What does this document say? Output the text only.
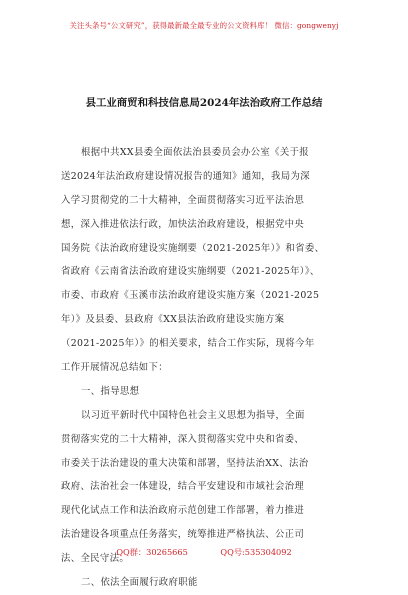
关注头条号“公文研究”，获得最新最全最专业的公文资料库！ 微信：gongwenyj
县工业商贸和科技信息局2024年法治政府工作总结
根据中共XX县委全面依法治县委员会办公室《关于报
送2024年法治政府建设情况报告的通知》通知，我局为深
入学习贯彻党的二十大精神，全面贯彻落实习近平法治思
想，深入推进依法行政，加快法治政府建设，根据党中央
国务院《法治政府建设实施纲要（2021-2025年）》和省委、
省政府《云南省法治政府建设实施纲要（2021-2025年）》、
市委、市政府《玉溪市法治政府建设实施方案（2021-2025
年）》及县委、县政府《XX县法治政府建设实施方案
（2021-2025年）》的相关要求，结合工作实际，现将今年
工作开展情况总结如下：
一、指导思想
以习近平新时代中国特色社会主义思想为指导，全面
贯彻落实党的二十大精神，深入贯彻落实党中央和省委、
市委关于法治建设的重大决策和部署，坚持法治XX、法治
政府、法治社会一体建设，结合平安建设和市域社会治理
现代化试点工作和法治政府示范创建工作部署，着力推进
法治建设各项重点任务落实，统筹推进严格执法、公正司
法、全民守法。
二、依法全面履行政府职能
QQ群：30265665	QQ号:535304092
